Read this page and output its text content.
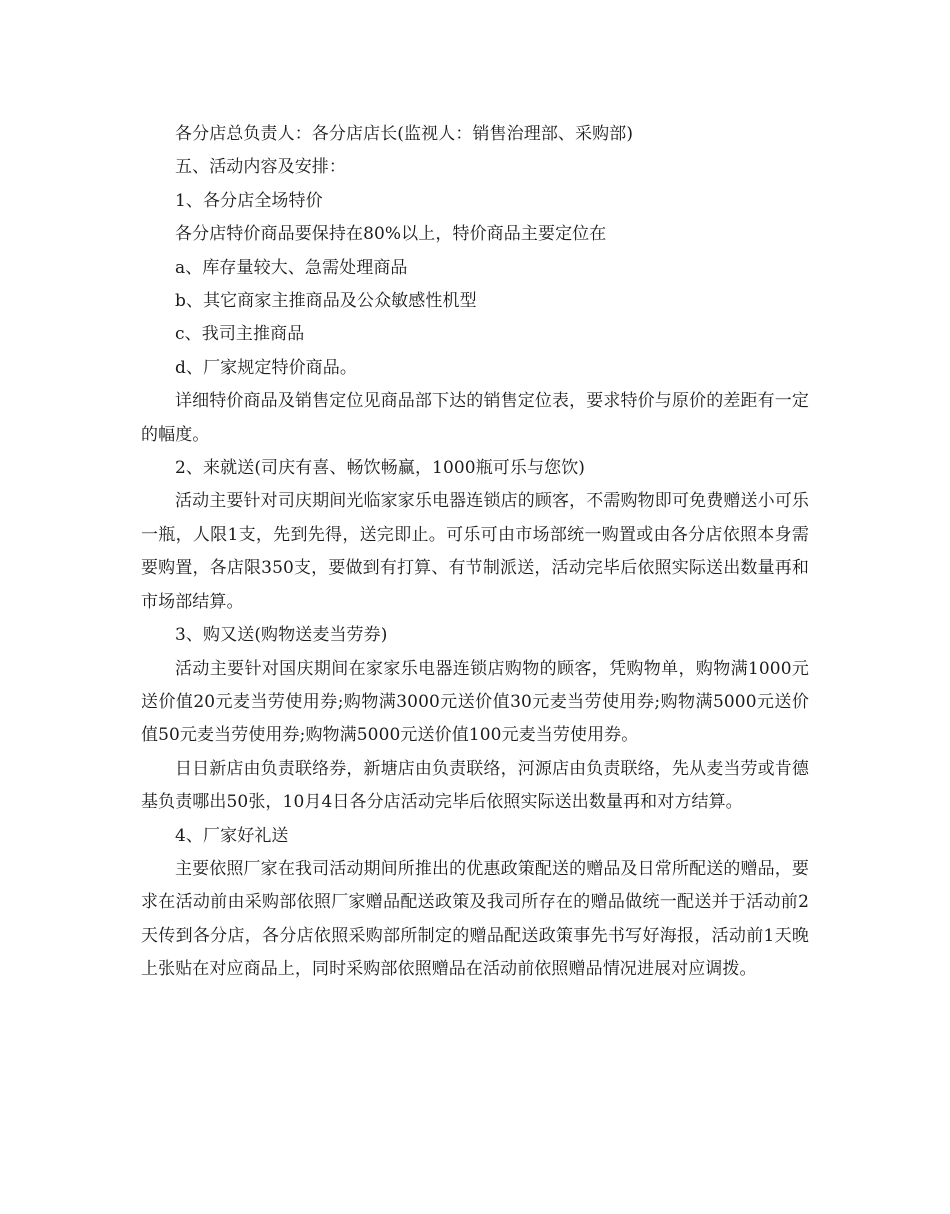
各分店总负责人：各分店店长(监视人：销售治理部、采购部)

五、活动内容及安排：

1、各分店全场特价

各分店特价商品要保持在80%以上，特价商品主要定位在

a、库存量较大、急需处理商品

b、其它商家主推商品及公众敏感性机型

c、我司主推商品

d、厂家规定特价商品。

详细特价商品及销售定位见商品部下达的销售定位表，要求特价与原价的差距有一定的幅度。

2、来就送(司庆有喜、畅饮畅赢，1000瓶可乐与您饮)

活动主要针对司庆期间光临家家乐电器连锁店的顾客，不需购物即可免费赠送小可乐一瓶，人限1支，先到先得，送完即止。可乐可由市场部统一购置或由各分店依照本身需要购置，各店限350支，要做到有打算、有节制派送，活动完毕后依照实际送出数量再和市场部结算。

3、购又送(购物送麦当劳券)

活动主要针对国庆期间在家家乐电器连锁店购物的顾客，凭购物单，购物满1000元送价值20元麦当劳使用券;购物满3000元送价值30元麦当劳使用券;购物满5000元送价值50元麦当劳使用券;购物满5000元送价值100元麦当劳使用券。

日日新店由负责联络券，新塘店由负责联络，河源店由负责联络，先从麦当劳或肯德基负责哪出50张，10月4日各分店活动完毕后依照实际送出数量再和对方结算。

4、厂家好礼送

主要依照厂家在我司活动期间所推出的优惠政策配送的赠品及日常所配送的赠品，要求在活动前由采购部依照厂家赠品配送政策及我司所存在的赠品做统一配送并于活动前2天传到各分店，各分店依照采购部所制定的赠品配送政策事先书写好海报，活动前1天晚上张贴在对应商品上，同时采购部依照赠品在活动前依照赠品情况进展对应调拨。
